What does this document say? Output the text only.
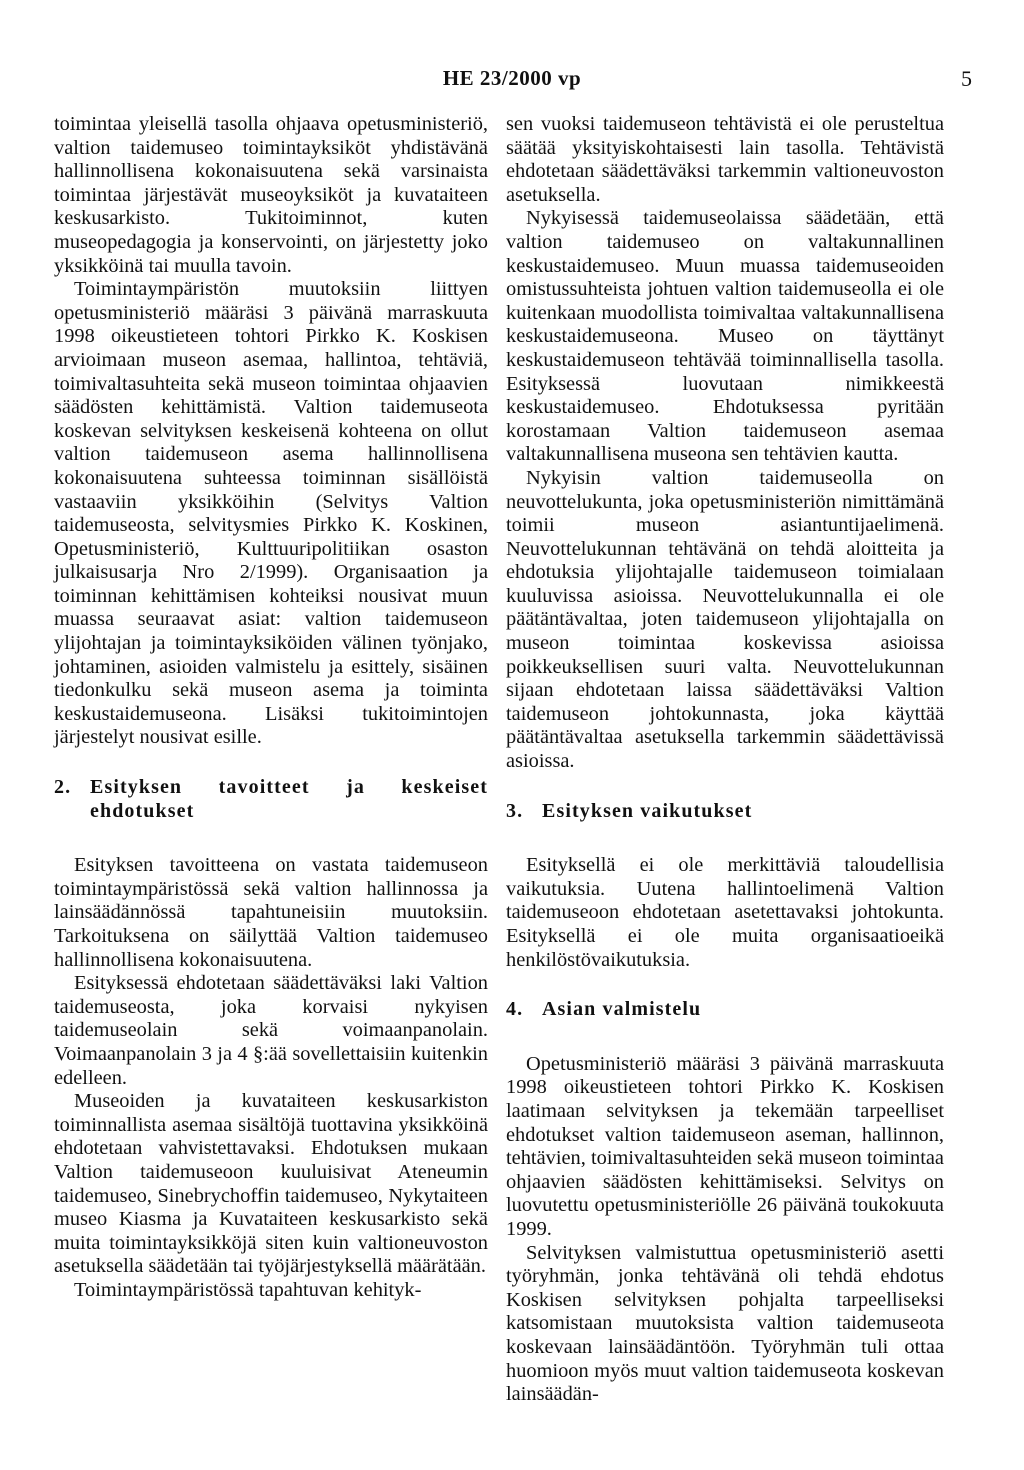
HE 23/2000 vp	5

toimintaa yleisellä tasolla ohjaava opetusministeriö, valtion taidemuseo toimintayksiköt yhdistävänä hallinnollisena kokonaisuutena sekä varsinaista toimintaa järjestävät museoyksiköt ja kuvataiteen keskusarkisto. Tukitoiminnot, kuten museopedagogia ja konservointi, on järjestetty joko yksikköinä tai muulla tavoin.

Toimintaympäristön muutoksiin liittyen opetusministeriö määräsi 3 päivänä marraskuuta 1998 oikeustieteen tohtori Pirkko K. Koskisen arvioimaan museon asemaa, hallintoa, tehtäviä, toimivaltasuhteita sekä museon toimintaa ohjaavien säädösten kehittämistä. Valtion taidemuseota koskevan selvityksen keskeisenä kohteena on ollut valtion taidemuseon asema hallinnollisena kokonaisuutena suhteessa toiminnan sisällöistä vastaaviin yksikköihin (Selvitys Valtion taidemuseosta, selvitysmies Pirkko K. Koskinen, Opetusministeriö, Kulttuuripolitiikan osaston julkaisusarja Nro 2/1999). Organisaation ja toiminnan kehittämisen kohteiksi nousivat muun muassa seuraavat asiat: valtion taidemuseon ylijohtajan ja toimintayksiköiden välinen työnjako, johtaminen, asioiden valmistelu ja esittely, sisäinen tiedonkulku sekä museon asema ja toiminta keskustaidemuseona. Lisäksi tukitoimintojen järjestelyt nousivat esille.

2. Esityksen tavoitteet ja keskeiset ehdotukset

Esityksen tavoitteena on vastata taidemuseon toimintaympäristössä sekä valtion hallinnossa ja lainsäädännössä tapahtuneisiin muutoksiin. Tarkoituksena on säilyttää Valtion taidemuseo hallinnollisena kokonaisuutena.

Esityksessä ehdotetaan säädettäväksi laki Valtion taidemuseosta, joka korvaisi nykyisen taidemuseolain sekä voimaanpanolain. Voimaanpanolain 3 ja 4 §:ää sovellettaisiin kuitenkin edelleen.

Museoiden ja kuvataiteen keskusarkiston toiminnallista asemaa sisältöjä tuottavina yksikköinä ehdotetaan vahvistettavaksi. Ehdotuksen mukaan Valtion taidemuseoon kuuluisivat Ateneumin taidemuseo, Sinebrychoffin taidemuseo, Nykytaiteen museo Kiasma ja Kuvataiteen keskusarkisto sekä muita toimintayksikköjä siten kuin valtioneuvoston asetuksella säädetään tai työjärjestyksellä määrätään.

Toimintaympäristössä tapahtuvan kehityk-

sen vuoksi taidemuseon tehtävistä ei ole perusteltua säätää yksityiskohtaisesti lain tasolla. Tehtävistä ehdotetaan säädettäväksi tarkemmin valtioneuvoston asetuksella.

Nykyisessä taidemuseolaissa säädetään, että valtion taidemuseo on valtakunnallinen keskustaidemuseo. Muun muassa taidemuseoiden omistussuhteista johtuen valtion taidemuseolla ei ole kuitenkaan muodollista toimivaltaa valtakunnallisena keskustaidemuseona. Museo on täyttänyt keskustaidemuseon tehtävää toiminnallisella tasolla. Esityksessä luovutaan nimikkeestä keskustaidemuseo. Ehdotuksessa pyritään korostamaan Valtion taidemuseon asemaa valtakunnallisena museona sen tehtävien kautta.

Nykyisin valtion taidemuseolla on neuvottelukunta, joka opetusministeriön nimittämänä toimii museon asiantuntijaelimenä. Neuvottelukunnan tehtävänä on tehdä aloitteita ja ehdotuksia ylijohtajalle taidemuseon toimialaan kuuluvissa asioissa. Neuvottelukunnalla ei ole päätäntävaltaa, joten taidemuseon ylijohtajalla on museon toimintaa koskevissa asioissa poikkeuksellisen suuri valta. Neuvottelukunnan sijaan ehdotetaan laissa säädettäväksi Valtion taidemuseon johtokunnasta, joka käyttää päätäntävaltaa asetuksella tarkemmin säädettävissä asioissa.

3. Esityksen vaikutukset

Esityksellä ei ole merkittäviä taloudellisia vaikutuksia. Uutena hallintoelimenä Valtion taidemuseoon ehdotetaan asetettavaksi johtokunta. Esityksellä ei ole muita organisaatioeikä henkilöstövaikutuksia.

4. Asian valmistelu

Opetusministeriö määräsi 3 päivänä marraskuuta 1998 oikeustieteen tohtori Pirkko K. Koskisen laatimaan selvityksen ja tekemään tarpeelliset ehdotukset valtion taidemuseon aseman, hallinnon, tehtävien, toimivaltasuhteiden sekä museon toimintaa ohjaavien säädösten kehittämiseksi. Selvitys on luovutettu opetusministeriölle 26 päivänä toukokuuta 1999.

Selvityksen valmistuttua opetusministeriö asetti työryhmän, jonka tehtävänä oli tehdä ehdotus Koskisen selvityksen pohjalta tarpeelliseksi katsomistaan muutoksista valtion taidemuseota koskevaan lainsäädäntöön. Työryhmän tuli ottaa huomioon myös muut valtion taidemuseota koskevan lainsäädän-
